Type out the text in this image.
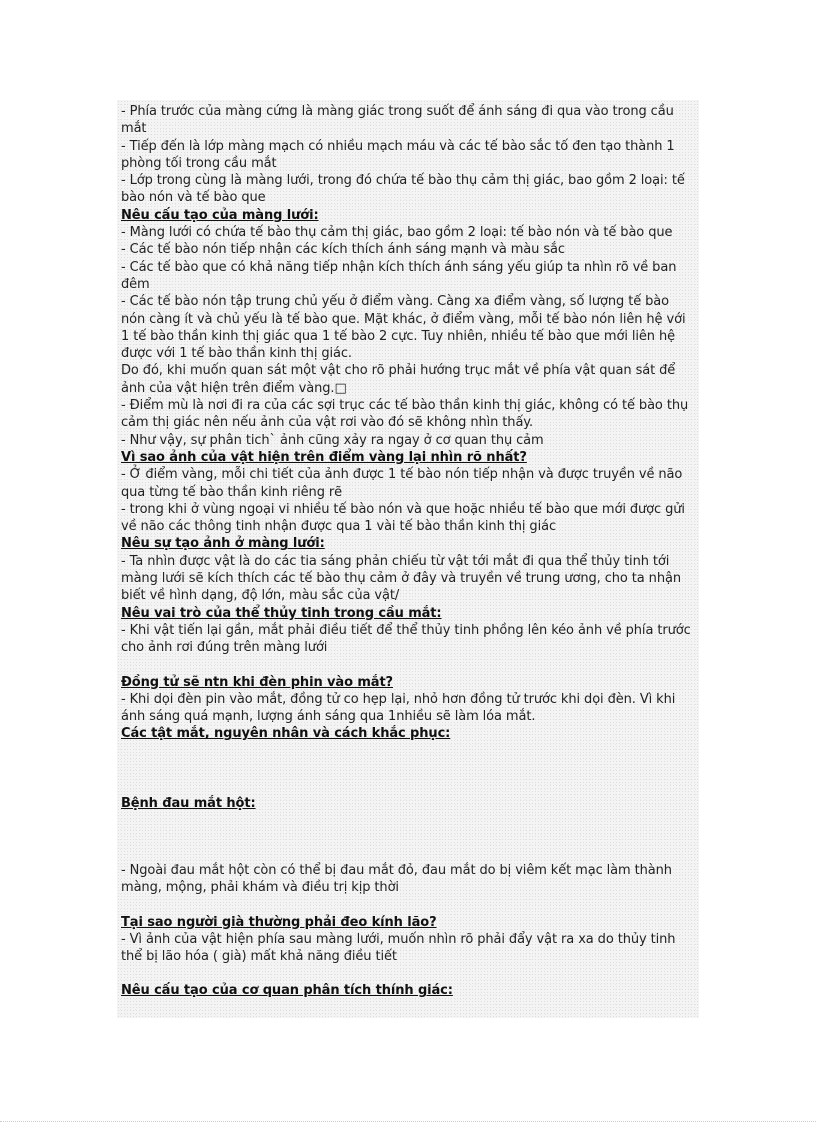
- Phía trước của màng cứng là màng giác trong suốt để ánh sáng đi qua vào trong cầu mắt

- Tiếp đến là lớp màng mạch có nhiều mạch máu và các tế bào sắc tố đen tạo thành 1 phòng tối trong cầu mắt

- Lớp trong cùng là màng lưới, trong đó chứa tế bào thụ cảm thị giác, bao gồm 2 loại: tế bào nón và tế bào que

Nêu cấu tạo của màng lưới:

- Màng lưới có chứa tế bào thụ cảm thị giác, bao gồm 2 loại: tế bào nón và tế bào que

- Các tế bào nón tiếp nhận các kích thích ánh sáng mạnh và màu sắc

- Các tế bào que có khả năng tiếp nhận kích thích ánh sáng yếu giúp ta nhìn rõ về ban đêm

- Các tế bào nón tập trung chủ yếu ở điểm vàng. Càng xa điểm vàng, số lượng tế bào nón càng ít và chủ yếu là tế bào que. Mặt khác, ở điểm vàng, mỗi tế bào nón liên hệ với 1 tế bào thần kinh thị giác qua 1 tế bào 2 cực. Tuy nhiên, nhiều tế bào que mới liên hệ được với 1 tế bào thần kinh thị giác.

Do đó, khi muốn quan sát một vật cho rõ phải hướng trục mắt về phía vật quan sát để ảnh của vật hiện trên điểm vàng.□

- Điểm mù là nơi đi ra của các sợi trục các tế bào thần kinh thị giác, không có tế bào thụ cảm thị giác nên nếu ảnh của vật rơi vào đó sẽ không nhìn thấy.

- Như vậy, sự phân tich` ảnh cũng xảy ra ngay ở cơ quan thụ cảm

Vì sao ảnh của vật hiện trên điểm vàng lại nhìn rõ nhất?

- Ở điểm vàng, mỗi chi tiết của ảnh được 1 tế bào nón tiếp nhận và được truyền về não qua từng tế bào thần kinh riêng rẽ

- trong khi ở vùng ngoại vi nhiều tế bào nón và que hoặc nhiều tế bào que mới được gửi về não các thông tinh nhận được qua 1 vài tế bào thần kinh thị giác

Nêu sự tạo ảnh ở màng lưới:

- Ta nhìn được vật là do các tia sáng phản chiếu từ vật tới mắt đi qua thể thủy tinh tới màng lưới sẽ kích thích các tế bào thụ cảm ở đây và truyền về trung ương, cho ta nhận biết về hình dạng, độ lớn, màu sắc của vật/

Nêu vai trò của thể thủy tinh trong cầu mắt:

- Khi vật tiến lại gần, mắt phải điều tiết để thể thủy tinh phồng lên kéo ảnh về phía trước cho ảnh rơi đúng trên màng lưới

Đồng tử sẽ ntn khi đèn phin vào mắt?

- Khi dọi đèn pin vào mắt, đồng tử co hẹp lại, nhỏ hơn đồng tử trước khi dọi đèn. Vì khi ánh sáng quá mạnh, lượng ánh sáng qua 1nhiều sẽ làm lóa mắt.

Các tật mắt, nguyên nhân và cách khắc phục:
Bệnh đau mắt hột:

- Ngoài đau mắt hột còn có thể bị đau mắt đỏ, đau mắt do bị viêm kết mạc làm thành màng, mộng, phải khám và điều trị kịp thời

Tại sao người già thường phải đeo kính lão?

- Vì ảnh của vật hiện phía sau màng lưới, muốn nhìn rõ phải đẩy vật ra xa do thủy tinh thể bị lão hóa ( già) mất khả năng điều tiết

Nêu cấu tạo của cơ quan phân tích thính giác:
